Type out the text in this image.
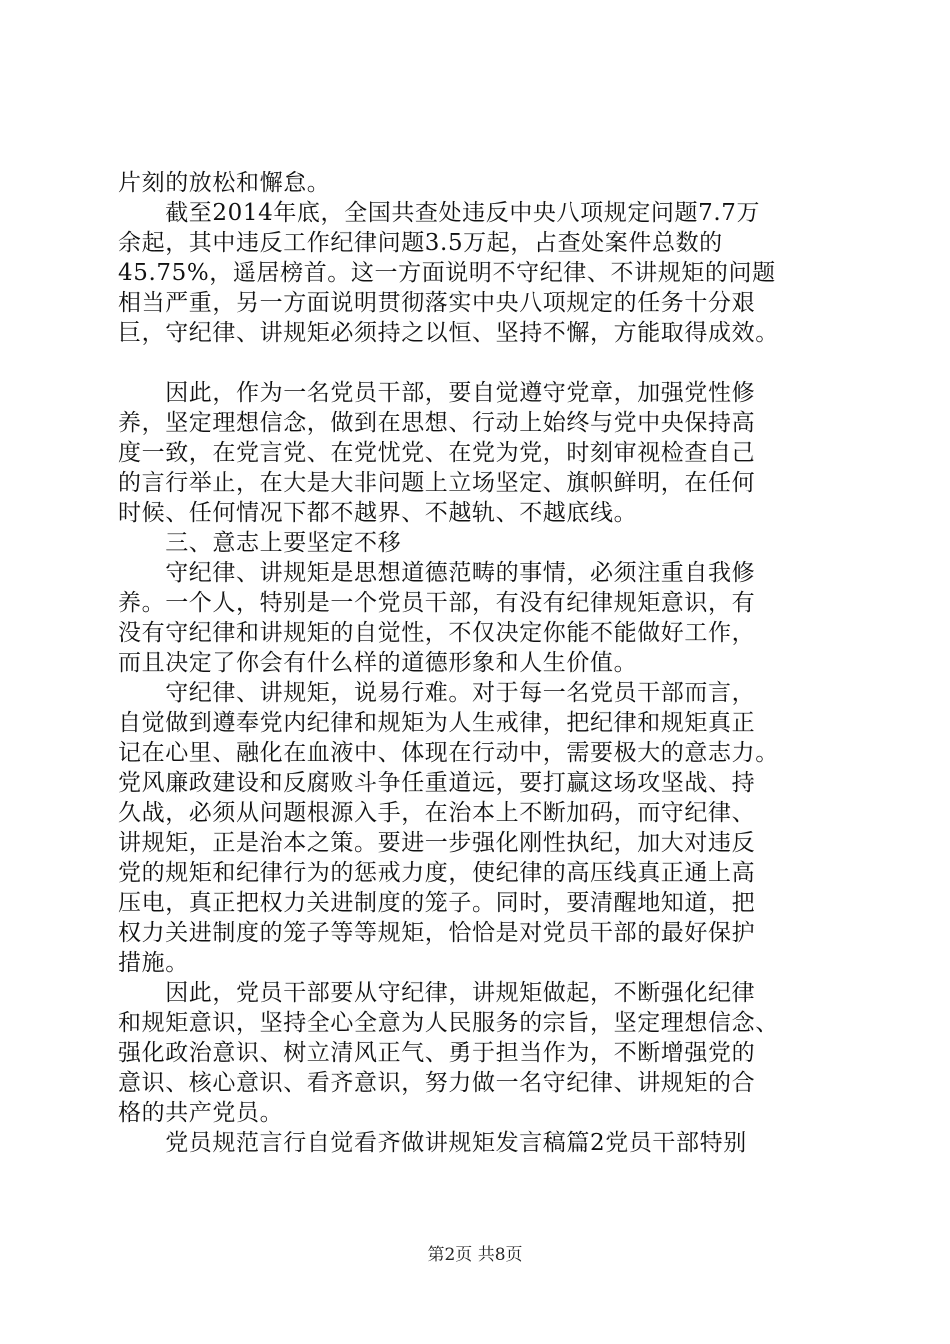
片刻的放松和懈怠。
　　截至2014年底，全国共查处违反中央八项规定问题7.7万
余起，其中违反工作纪律问题3.5万起，占查处案件总数的
45.75%，遥居榜首。这一方面说明不守纪律、不讲规矩的问题
相当严重，另一方面说明贯彻落实中央八项规定的任务十分艰
巨，守纪律、讲规矩必须持之以恒、坚持不懈，方能取得成效。
　　因此，作为一名党员干部，要自觉遵守党章，加强党性修
养，坚定理想信念，做到在思想、行动上始终与党中央保持高
度一致，在党言党、在党忧党、在党为党，时刻审视检查自己
的言行举止，在大是大非问题上立场坚定、旗帜鲜明，在任何
时候、任何情况下都不越界、不越轨、不越底线。
　　三、意志上要坚定不移
　　守纪律、讲规矩是思想道德范畴的事情，必须注重自我修
养。一个人，特别是一个党员干部，有没有纪律规矩意识，有
没有守纪律和讲规矩的自觉性，不仅决定你能不能做好工作，
而且决定了你会有什么样的道德形象和人生价值。
　　守纪律、讲规矩，说易行难。对于每一名党员干部而言，
自觉做到遵奉党内纪律和规矩为人生戒律，把纪律和规矩真正
记在心里、融化在血液中、体现在行动中，需要极大的意志力。
党风廉政建设和反腐败斗争任重道远，要打赢这场攻坚战、持
久战，必须从问题根源入手，在治本上不断加码，而守纪律、
讲规矩，正是治本之策。要进一步强化刚性执纪，加大对违反
党的规矩和纪律行为的惩戒力度，使纪律的高压线真正通上高
压电，真正把权力关进制度的笼子。同时，要清醒地知道，把
权力关进制度的笼子等等规矩，恰恰是对党员干部的最好保护
措施。
　　因此，党员干部要从守纪律，讲规矩做起，不断强化纪律
和规矩意识，坚持全心全意为人民服务的宗旨，坚定理想信念、
强化政治意识、树立清风正气、勇于担当作为，不断增强党的
意识、核心意识、看齐意识，努力做一名守纪律、讲规矩的合
格的共产党员。
　　党员规范言行自觉看齐做讲规矩发言稿篇2党员干部特别
第2页 共8页
